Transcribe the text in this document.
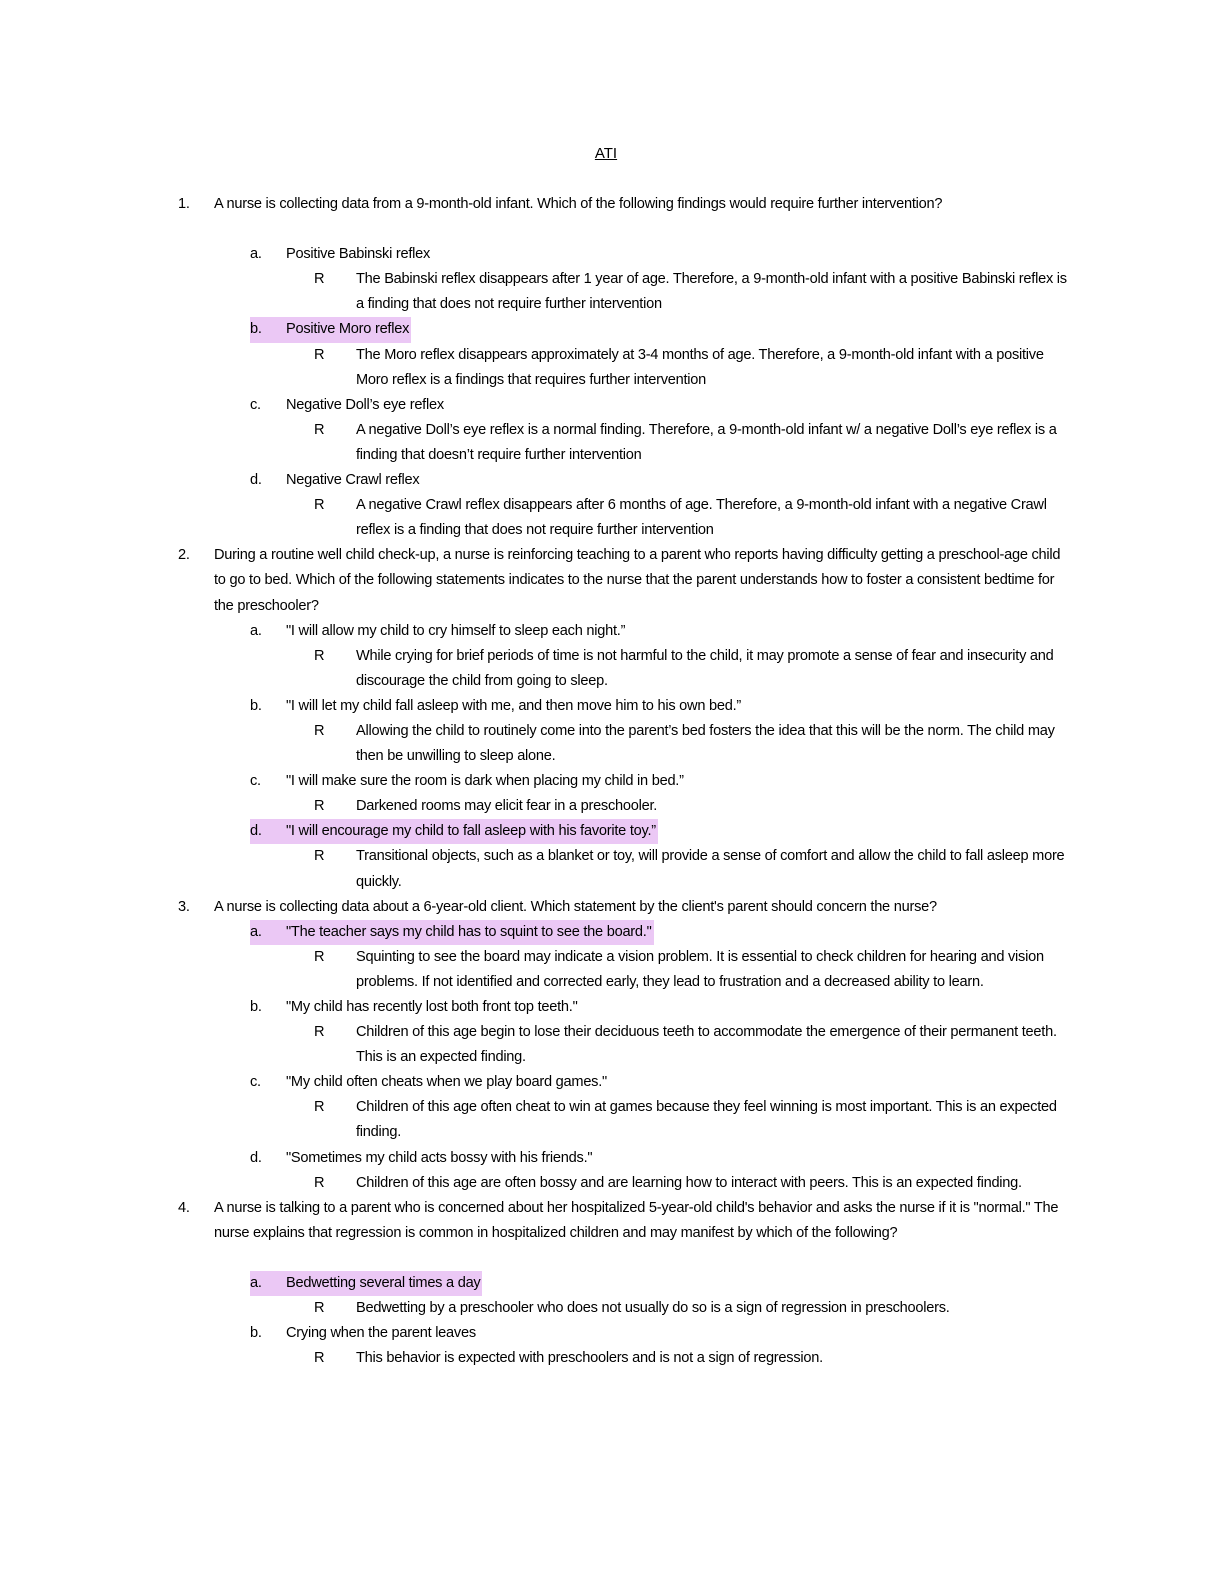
ATI
1. A nurse is collecting data from a 9-month-old infant. Which of the following findings would require further intervention?
a. Positive Babinski reflex
R The Babinski reflex disappears after 1 year of age. Therefore, a 9-month-old infant with a positive Babinski reflex is a finding that does not require further intervention
b. Positive Moro reflex
R The Moro reflex disappears approximately at 3-4 months of age. Therefore, a 9-month-old infant with a positive Moro reflex is a findings that requires further intervention
c. Negative Doll’s eye reflex
R A negative Doll’s eye reflex is a normal finding. Therefore, a 9-month-old infant w/ a negative Doll’s eye reflex is a finding that doesn’t require further intervention
d. Negative Crawl reflex
R A negative Crawl reflex disappears after 6 months of age. Therefore, a 9-month-old infant with a negative Crawl reflex is a finding that does not require further intervention
2. During a routine well child check-up, a nurse is reinforcing teaching to a parent who reports having difficulty getting a preschool-age child to go to bed. Which of the following statements indicates to the nurse that the parent understands how to foster a consistent bedtime for the preschooler?
a. "I will allow my child to cry himself to sleep each night.”
R While crying for brief periods of time is not harmful to the child, it may promote a sense of fear and insecurity and discourage the child from going to sleep.
b. "I will let my child fall asleep with me, and then move him to his own bed.”
R Allowing the child to routinely come into the parent’s bed fosters the idea that this will be the norm. The child may then be unwilling to sleep alone.
c. "I will make sure the room is dark when placing my child in bed.”
R Darkened rooms may elicit fear in a preschooler.
d. "I will encourage my child to fall asleep with his favorite toy.”
R Transitional objects, such as a blanket or toy, will provide a sense of comfort and allow the child to fall asleep more quickly.
3. A nurse is collecting data about a 6-year-old client. Which statement by the client's parent should concern the nurse?
a. "The teacher says my child has to squint to see the board."
R Squinting to see the board may indicate a vision problem. It is essential to check children for hearing and vision problems. If not identified and corrected early, they lead to frustration and a decreased ability to learn.
b. "My child has recently lost both front top teeth."
R Children of this age begin to lose their deciduous teeth to accommodate the emergence of their permanent teeth. This is an expected finding.
c. "My child often cheats when we play board games."
R Children of this age often cheat to win at games because they feel winning is most important. This is an expected finding.
d. "Sometimes my child acts bossy with his friends."
R Children of this age are often bossy and are learning how to interact with peers. This is an expected finding.
4. A nurse is talking to a parent who is concerned about her hospitalized 5-year-old child's behavior and asks the nurse if it is "normal." The nurse explains that regression is common in hospitalized children and may manifest by which of the following?
a. Bedwetting several times a day
R Bedwetting by a preschooler who does not usually do so is a sign of regression in preschoolers.
b. Crying when the parent leaves
R This behavior is expected with preschoolers and is not a sign of regression.
